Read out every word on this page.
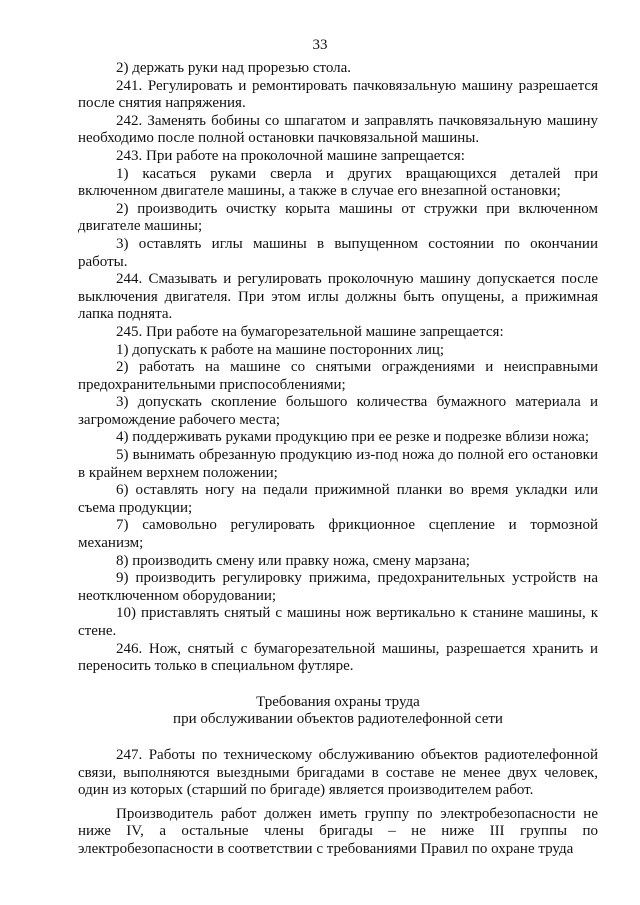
33

2) держать руки над прорезью стола.

241. Регулировать и ремонтировать пачковязальную машину разрешается после снятия напряжения.

242. Заменять бобины со шпагатом и заправлять пачковязальную машину необходимо после полной остановки пачковязальной машины.

243. При работе на проколочной машине запрещается:

1) касаться руками сверла и других вращающихся деталей при включенном двигателе машины, а также в случае его внезапной остановки;

2) производить очистку корыта машины от стружки при включенном двигателе машины;

3) оставлять иглы машины в выпущенном состоянии по окончании работы.

244. Смазывать и регулировать проколочную машину допускается после выключения двигателя. При этом иглы должны быть опущены, а прижимная лапка поднята.

245. При работе на бумагорезательной машине запрещается:

1) допускать к работе на машине посторонних лиц;

2) работать на машине со снятыми ограждениями и неисправными предохранительными приспособлениями;

3) допускать скопление большого количества бумажного материала и загромождение рабочего места;

4) поддерживать руками продукцию при ее резке и подрезке вблизи ножа;

5) вынимать обрезанную продукцию из-под ножа до полной его остановки в крайнем верхнем положении;

6) оставлять ногу на педали прижимной планки во время укладки или съема продукции;

7) самовольно регулировать фрикционное сцепление и тормозной механизм;

8) производить смену или правку ножа, смену марзана;

9) производить регулировку прижима, предохранительных устройств на неотключенном оборудовании;

10) приставлять снятый с машины нож вертикально к станине машины, к стене.

246. Нож, снятый с бумагорезательной машины, разрешается хранить и переносить только в специальном футляре.

Требования охраны труда

при обслуживании объектов радиотелефонной сети

247. Работы по техническому обслуживанию объектов радиотелефонной связи, выполняются выездными бригадами в составе не менее двух человек, один из которых (старший по бригаде) является производителем работ.

Производитель работ должен иметь группу по электробезопасности не ниже IV, а остальные члены бригады – не ниже III группы по электробезопасности в соответствии с требованиями Правил по охране труда
